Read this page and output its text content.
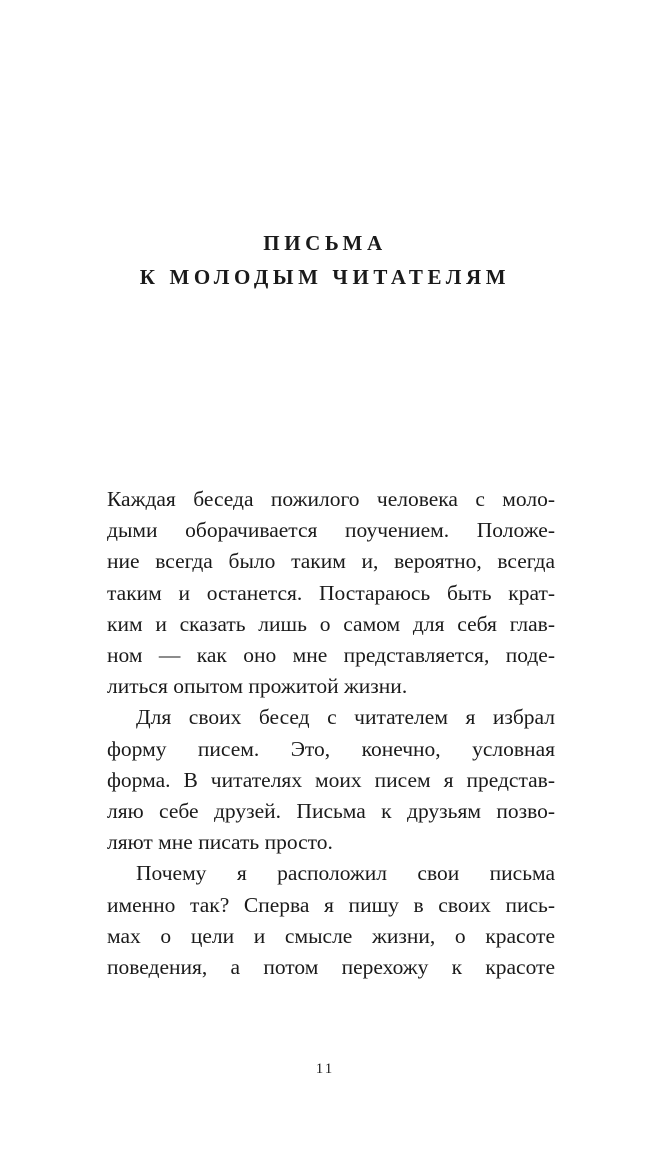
ПИСЬМА
К МОЛОДЫМ ЧИТАТЕЛЯМ

Каждая беседа пожилого человека с моло-
дыми оборачивается поучением. Положе-
ние всегда было таким и, вероятно, всегда
таким и останется. Постараюсь быть крат-
ким и сказать лишь о самом для себя глав-
ном — как оно мне представляется, поде-
литься опытом прожитой жизни.

Для своих бесед с читателем я избрал
форму писем. Это, конечно, условная
форма. В читателях моих писем я представ-
ляю себе друзей. Письма к друзьям позво-
ляют мне писать просто.

Почему я расположил свои письма
именно так? Сперва я пишу в своих пись-
мах о цели и смысле жизни, о красоте
поведения, а потом перехожу к красоте

11
